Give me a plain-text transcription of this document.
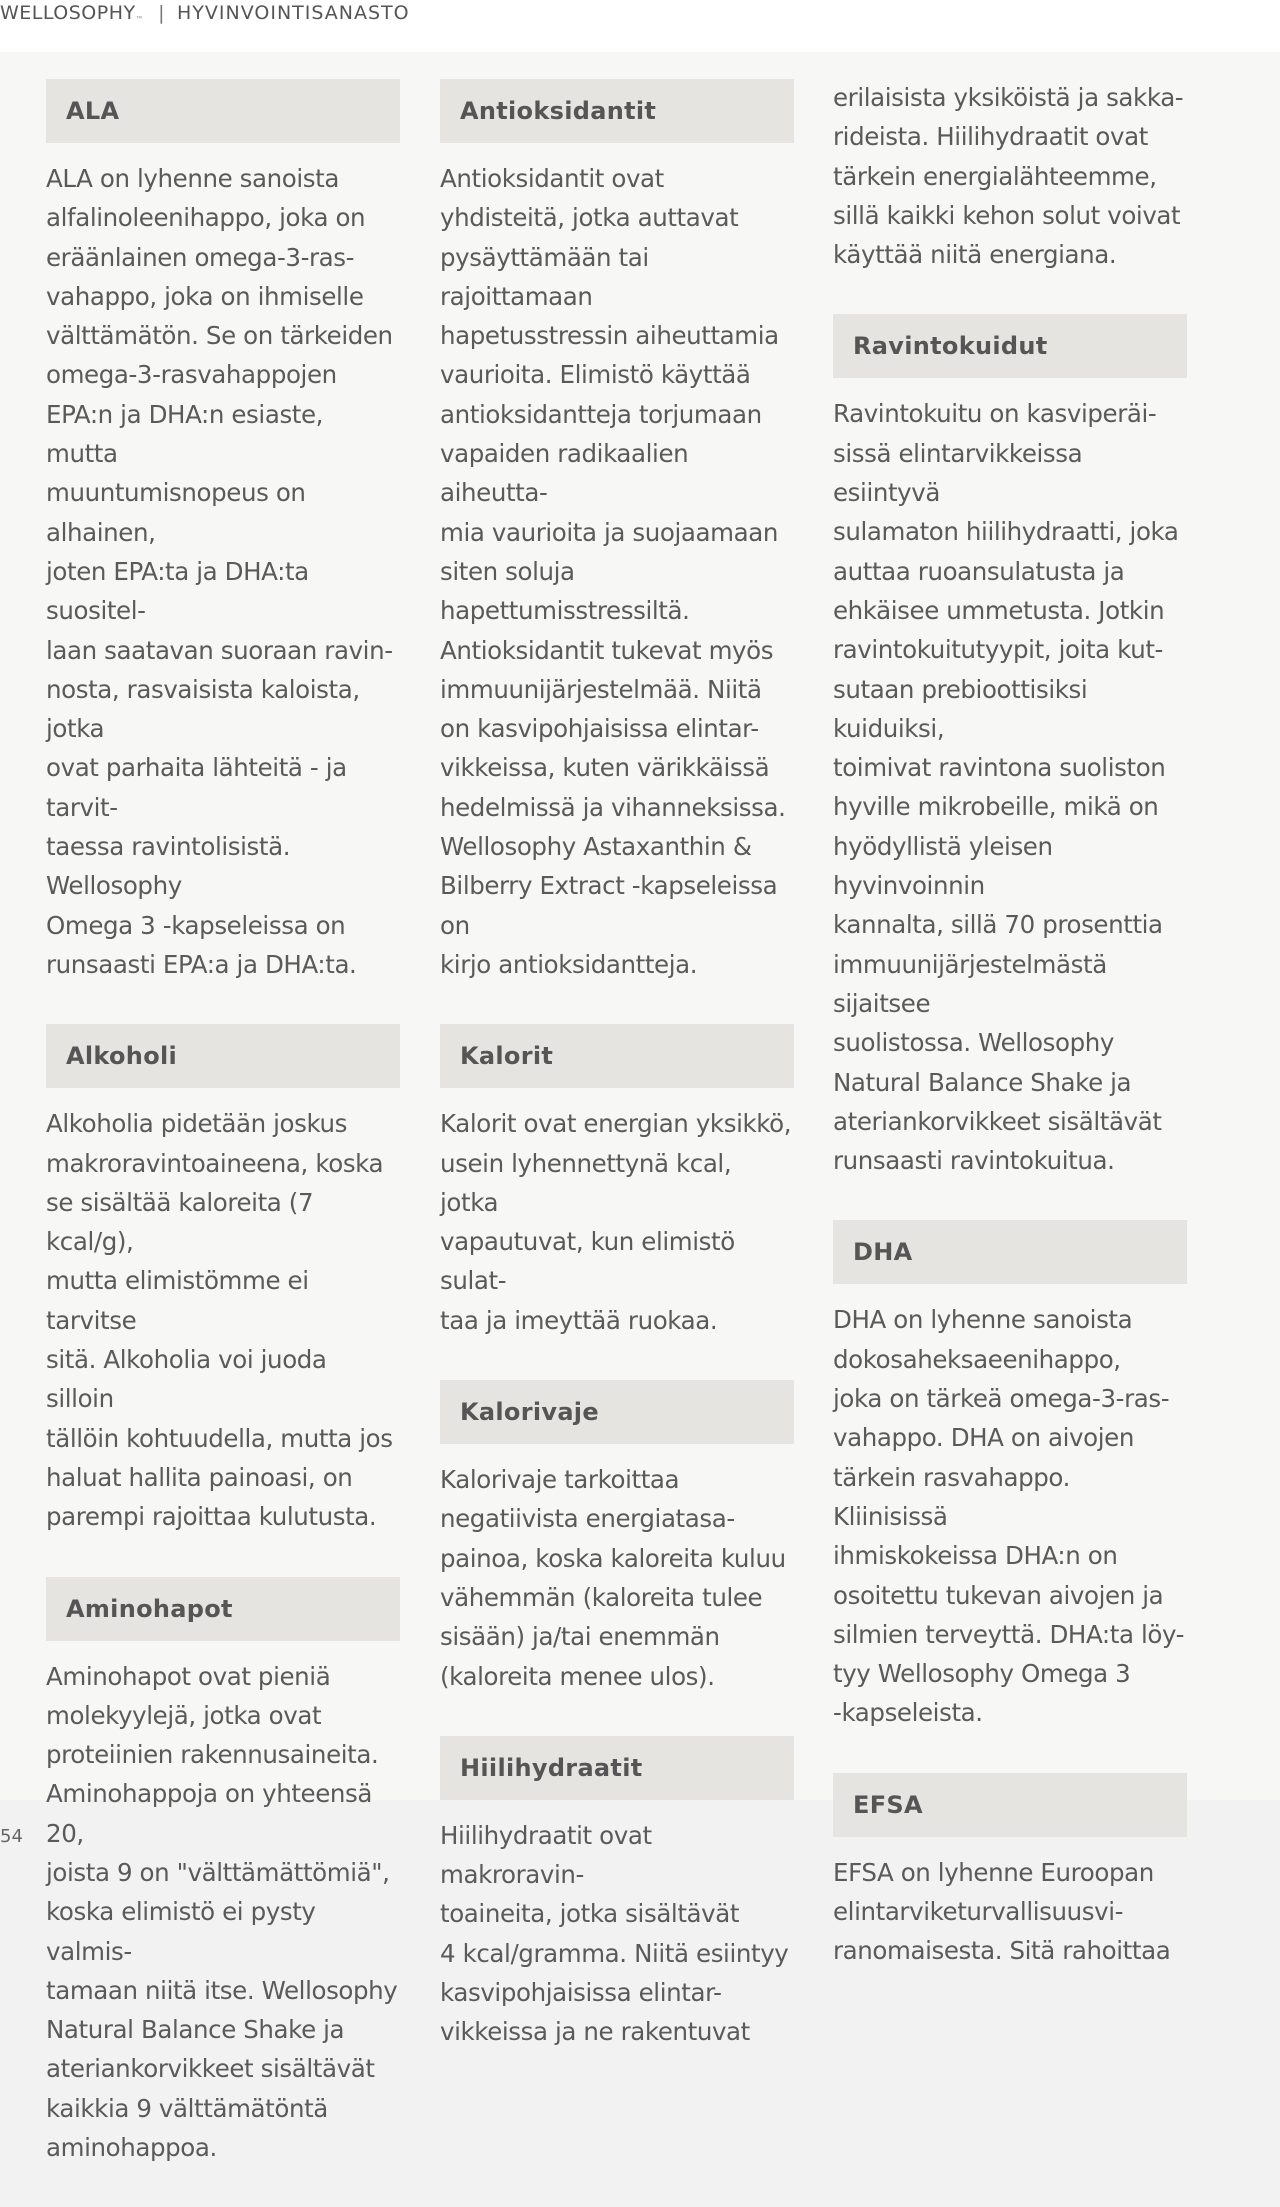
WELLOSOPHY™ | HYVINVOINTISANASTO
ALA

ALA on lyhenne sanoista
alfalinoleenihappo, joka on
eräänlainen omega-3-ras-
vahappo, joka on ihmiselle
välttämätön. Se on tärkeiden
omega-3-rasvahappojen
EPA:n ja DHA:n esiaste, mutta
muuntumisnopeus on alhainen,
joten EPA:ta ja DHA:ta suositel-
laan saatavan suoraan ravin-
nosta, rasvaisista kaloista, jotka
ovat parhaita lähteitä - ja tarvit-
taessa ravintolisistä. Wellosophy
Omega 3 -kapseleissa on
runsaasti EPA:a ja DHA:ta.

Alkoholi

Alkoholia pidetään joskus
makroravintoaineena, koska
se sisältää kaloreita (7 kcal/g),
mutta elimistömme ei tarvitse
sitä. Alkoholia voi juoda silloin
tällöin kohtuudella, mutta jos
haluat hallita painoasi, on
parempi rajoittaa kulutusta.

Aminohapot

Aminohapot ovat pieniä
molekyylejä, jotka ovat
proteiinien rakennusaineita.
Aminohappoja on yhteensä 20,
joista 9 on "välttämättömiä",
koska elimistö ei pysty valmis-
tamaan niitä itse. Wellosophy
Natural Balance Shake ja
ateriankorvikkeet sisältävät
kaikkia 9 välttämätöntä
aminohappoa.

Antioksidantit

Antioksidantit ovat
yhdisteitä, jotka auttavat
pysäyttämään tai rajoittamaan
hapetusstressin aiheuttamia
vaurioita. Elimistö käyttää
antioksidantteja torjumaan
vapaiden radikaalien aiheutta-
mia vaurioita ja suojaamaan
siten soluja hapettumisstressiltä.
Antioksidantit tukevat myös
immuunijärjestelmää. Niitä
on kasvipohjaisissa elintar-
vikkeissa, kuten värikkäissä
hedelmissä ja vihanneksissa.
Wellosophy Astaxanthin &
Bilberry Extract -kapseleissa on
kirjo antioksidantteja.

Kalorit

Kalorit ovat energian yksikkö,
usein lyhennettynä kcal, jotka
vapautuvat, kun elimistö sulat-
taa ja imeyttää ruokaa.

Kalorivaje

Kalorivaje tarkoittaa
negatiivista energiatasa-
painoa, koska kaloreita kuluu
vähemmän (kaloreita tulee
sisään) ja/tai enemmän
(kaloreita menee ulos).

Hiilihydraatit

Hiilihydraatit ovat makroravin-
toaineita, jotka sisältävät
4 kcal/gramma. Niitä esiintyy
kasvipohjaisissa elintar-
vikkeissa ja ne rakentuvat

erilaisista yksiköistä ja sakka-
rideista. Hiilihydraatit ovat
tärkein energialähteemme,
sillä kaikki kehon solut voivat
käyttää niitä energiana.

Ravintokuidut

Ravintokuitu on kasviperäi-
sissä elintarvikkeissa esiintyvä
sulamaton hiilihydraatti, joka
auttaa ruoansulatusta ja
ehkäisee ummetusta. Jotkin
ravintokuitutyypit, joita kut-
sutaan prebioottisiksi kuiduiksi,
toimivat ravintona suoliston
hyville mikrobeille, mikä on
hyödyllistä yleisen hyvinvoinnin
kannalta, sillä 70 prosenttia
immuunijärjestelmästä sijaitsee
suolistossa. Wellosophy
Natural Balance Shake ja
ateriankorvikkeet sisältävät
runsaasti ravintokuitua.

DHA

DHA on lyhenne sanoista
dokosaheksaeenihappo,
joka on tärkeä omega-3-ras-
vahappo. DHA on aivojen
tärkein rasvahappo. Kliinisissä
ihmiskokeissa DHA:n on
osoitettu tukevan aivojen ja
silmien terveyttä. DHA:ta löy-
tyy Wellosophy Omega 3
-kapseleista.

EFSA

EFSA on lyhenne Euroopan
elintarviketurvallisuusvi-
ranomaisesta. Sitä rahoittaa

54
